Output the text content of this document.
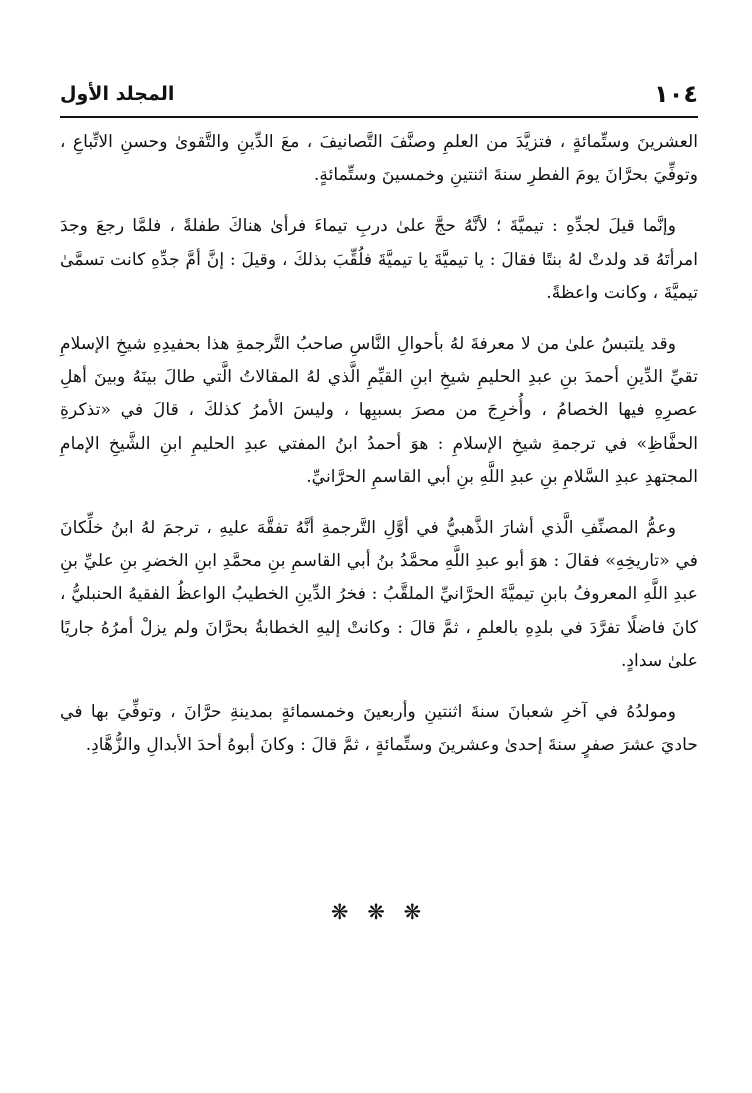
١٠٤
المجلد الأول

العشرينَ وستِّمائةٍ ، فتزيَّدَ من العلمِ وصنَّفَ التَّصانيفَ ، معَ الدِّينِ والتَّقوىٰ وحسنِ الاتِّباعِ ، وتوفِّيَ بحرَّانَ يومَ الفطرِ سنةَ اثنتينِ وخمسينَ وستِّمائةٍ.

وإنَّما قيلَ لجدِّهِ : تيميَّةَ ؛ لأنَّهُ حجَّ علىٰ دربِ تيماءَ فرأىٰ هناكَ طفلةً ، فلمَّا رجعَ وجدَ امرأتَهُ قد ولدتْ لهُ بنتًا فقالَ : يا تيميَّةَ يا تيميَّةَ فلُقِّبَ بذلكَ ، وقيلَ : إنَّ أمَّ جدِّهِ كانت تسمَّىٰ تيميَّةَ ، وكانت واعظةً.

وقد يلتبسُ علىٰ من لا معرفةَ لهُ بأحوالِ النَّاسِ صاحبُ التَّرجمةِ هذا بحفيدِهِ شيخِ الإسلامِ تقيِّ الدِّينِ أحمدَ بنِ عبدِ الحليمِ شيخِ ابنِ القيِّمِ الَّذي لهُ المقالاتُ الَّتي طالَ بينَهُ وبينَ أهلِ عصرِهِ فيها الخصامُ ، وأُخرِجَ من مصرَ بسببِها ، وليسَ الأمرُ كذلكَ ، قالَ في «تذكرةِ الحفَّاظِ» في ترجمةِ شيخِ الإسلامِ : هوَ أحمدُ ابنُ المفتي عبدِ الحليمِ ابنِ الشَّيخِ الإمامِ المجتهدِ عبدِ السَّلامِ بنِ عبدِ اللَّهِ بنِ أبي القاسمِ الحرَّانيِّ.

وعمُّ المصنِّفِ الَّذي أشارَ الذَّهبيُّ في أوَّلِ التَّرجمةِ أنَّهُ تفقَّهَ عليهِ ، ترجمَ لهُ ابنُ خلِّكانَ في «تاريخِهِ» فقالَ : هوَ أبو عبدِ اللَّهِ محمَّدُ بنُ أبي القاسمِ بنِ محمَّدِ ابنِ الخضرِ بنِ عليِّ بنِ عبدِ اللَّهِ المعروفُ بابنِ تيميَّةَ الحرَّانيِّ الملقَّبُ : فخرُ الدِّينِ الخطيبُ الواعظُ الفقيهُ الحنبليُّ ، كانَ فاضلًا تفرَّدَ في بلدِهِ بالعلمِ ، ثمَّ قالَ : وكانتْ إليهِ الخطابةُ بحرَّانَ ولم يزلْ أمرُهُ جاريًا علىٰ سدادٍ.

ومولدُهُ في آخرِ شعبانَ سنةَ اثنتينِ وأربعينَ وخمسمائةٍ بمدينةِ حرَّانَ ، وتوفِّيَ بها في حاديَ عشرَ صفرٍ سنةَ إحدىٰ وعشرينَ وستِّمائةٍ ، ثمَّ قالَ : وكانَ أبوهُ أحدَ الأبدالِ والزُّهَّادِ.

❋ ❋ ❋
